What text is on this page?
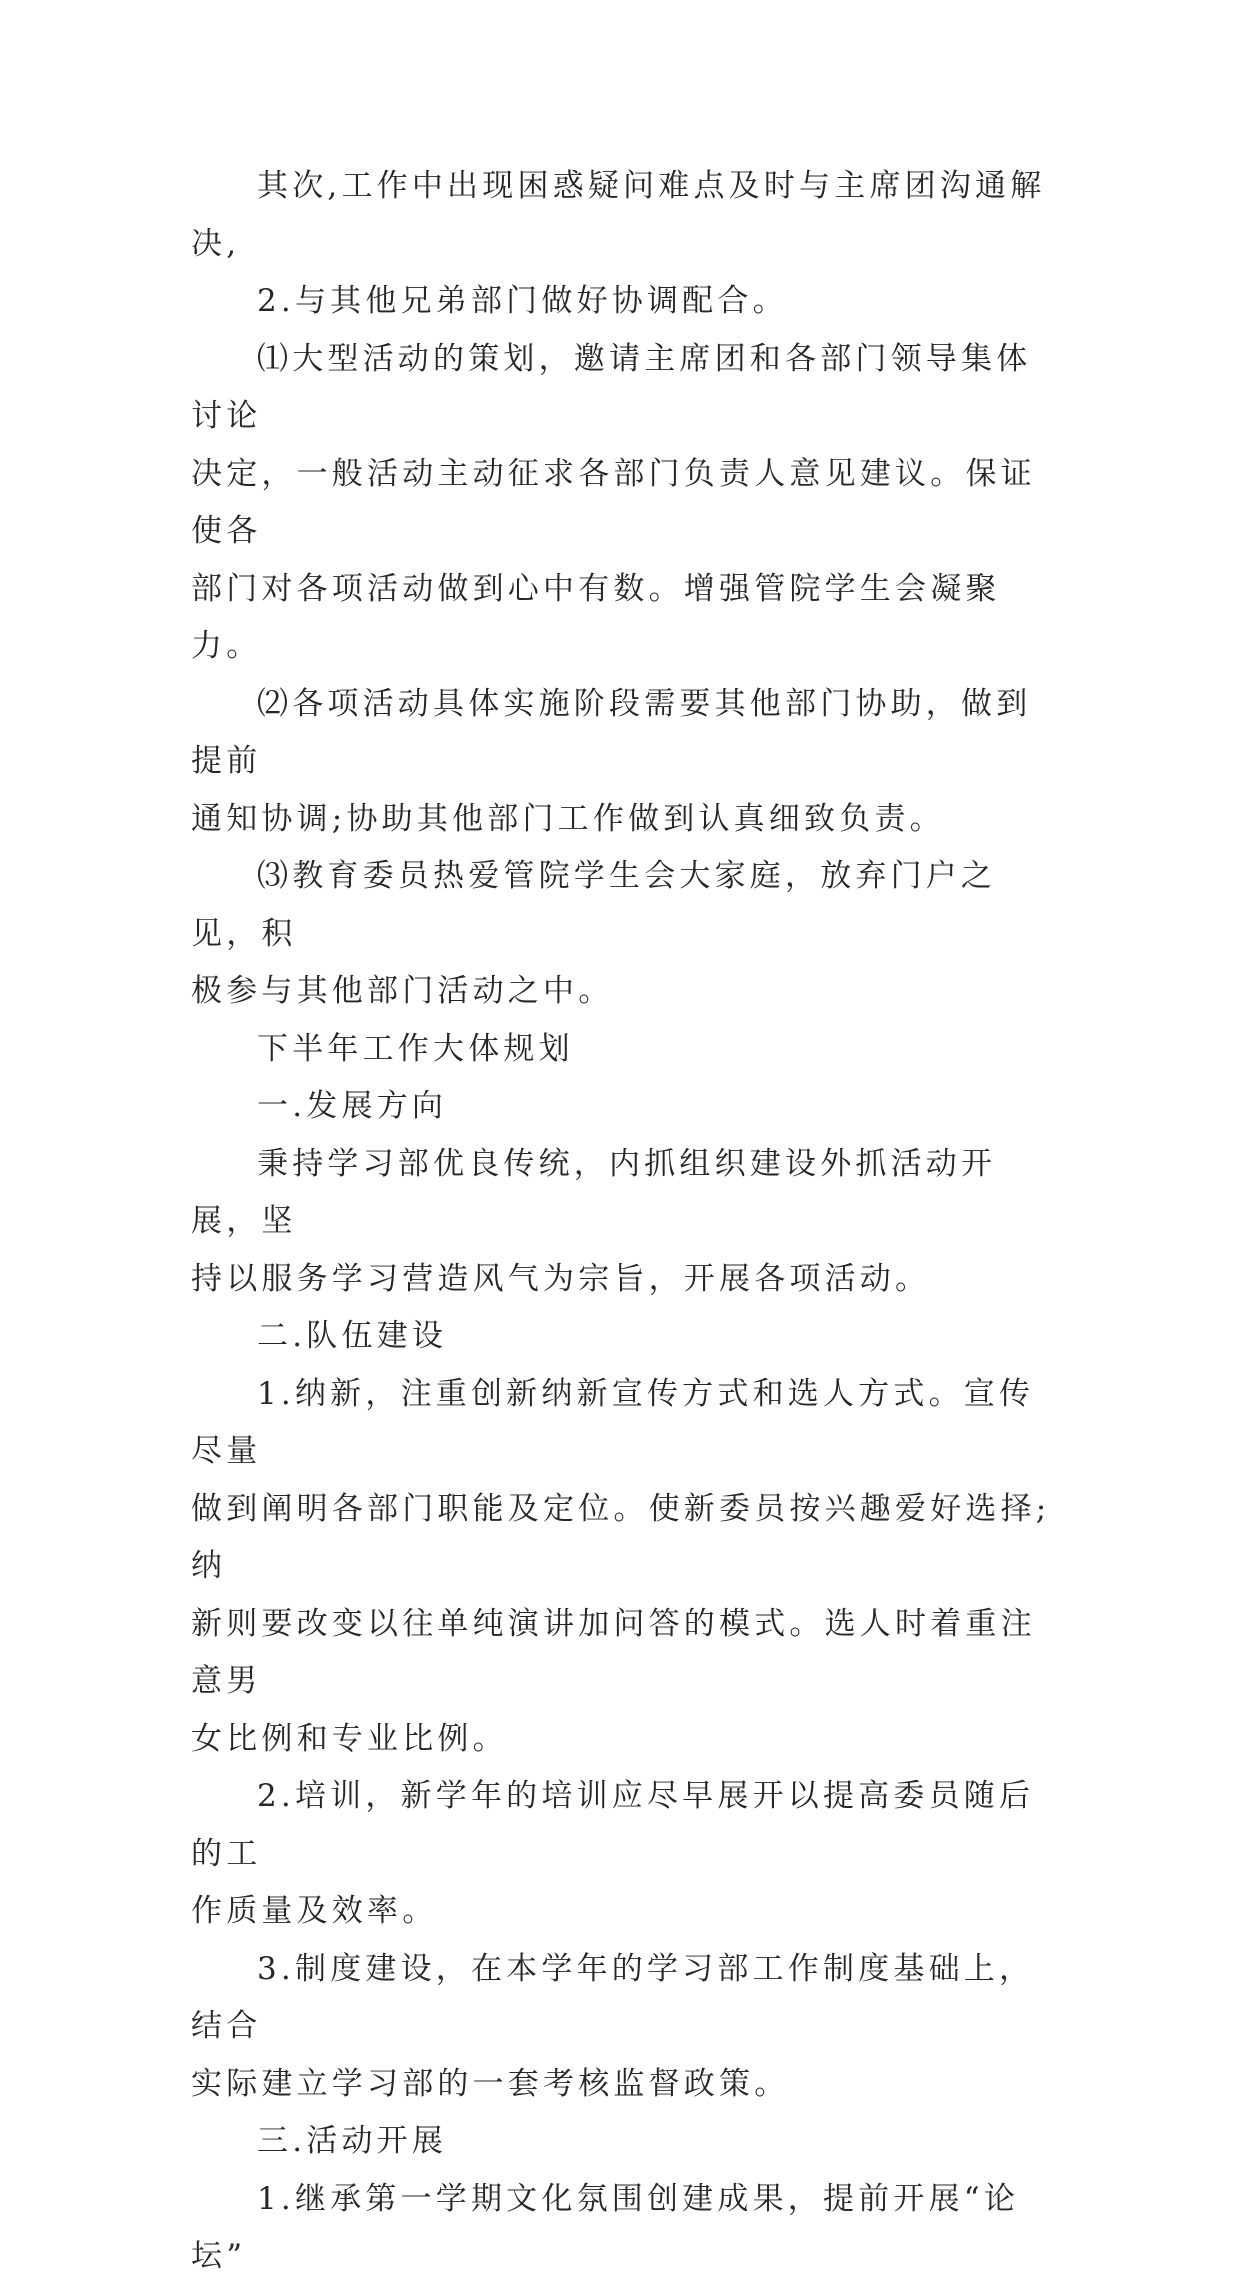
其次,工作中出现困惑疑问难点及时与主席团沟通解决,

2.与其他兄弟部门做好协调配合。

⑴大型活动的策划，邀请主席团和各部门领导集体讨论
决定，一般活动主动征求各部门负责人意见建议。保证使各
部门对各项活动做到心中有数。增强管院学生会凝聚力。

⑵各项活动具体实施阶段需要其他部门协助，做到提前
通知协调;协助其他部门工作做到认真细致负责。

⑶教育委员热爱管院学生会大家庭，放弃门户之见，积
极参与其他部门活动之中。

下半年工作大体规划

一.发展方向

秉持学习部优良传统，内抓组织建设外抓活动开展，坚
持以服务学习营造风气为宗旨，开展各项活动。

二.队伍建设

1.纳新，注重创新纳新宣传方式和选人方式。宣传尽量
做到阐明各部门职能及定位。使新委员按兴趣爱好选择;纳
新则要改变以往单纯演讲加问答的模式。选人时着重注意男
女比例和专业比例。

2.培训，新学年的培训应尽早展开以提高委员随后的工
作质量及效率。

3.制度建设，在本学年的学习部工作制度基础上，结合
实际建立学习部的一套考核监督政策。

三.活动开展

1.继承第一学期文化氛围创建成果，提前开展“论坛”
